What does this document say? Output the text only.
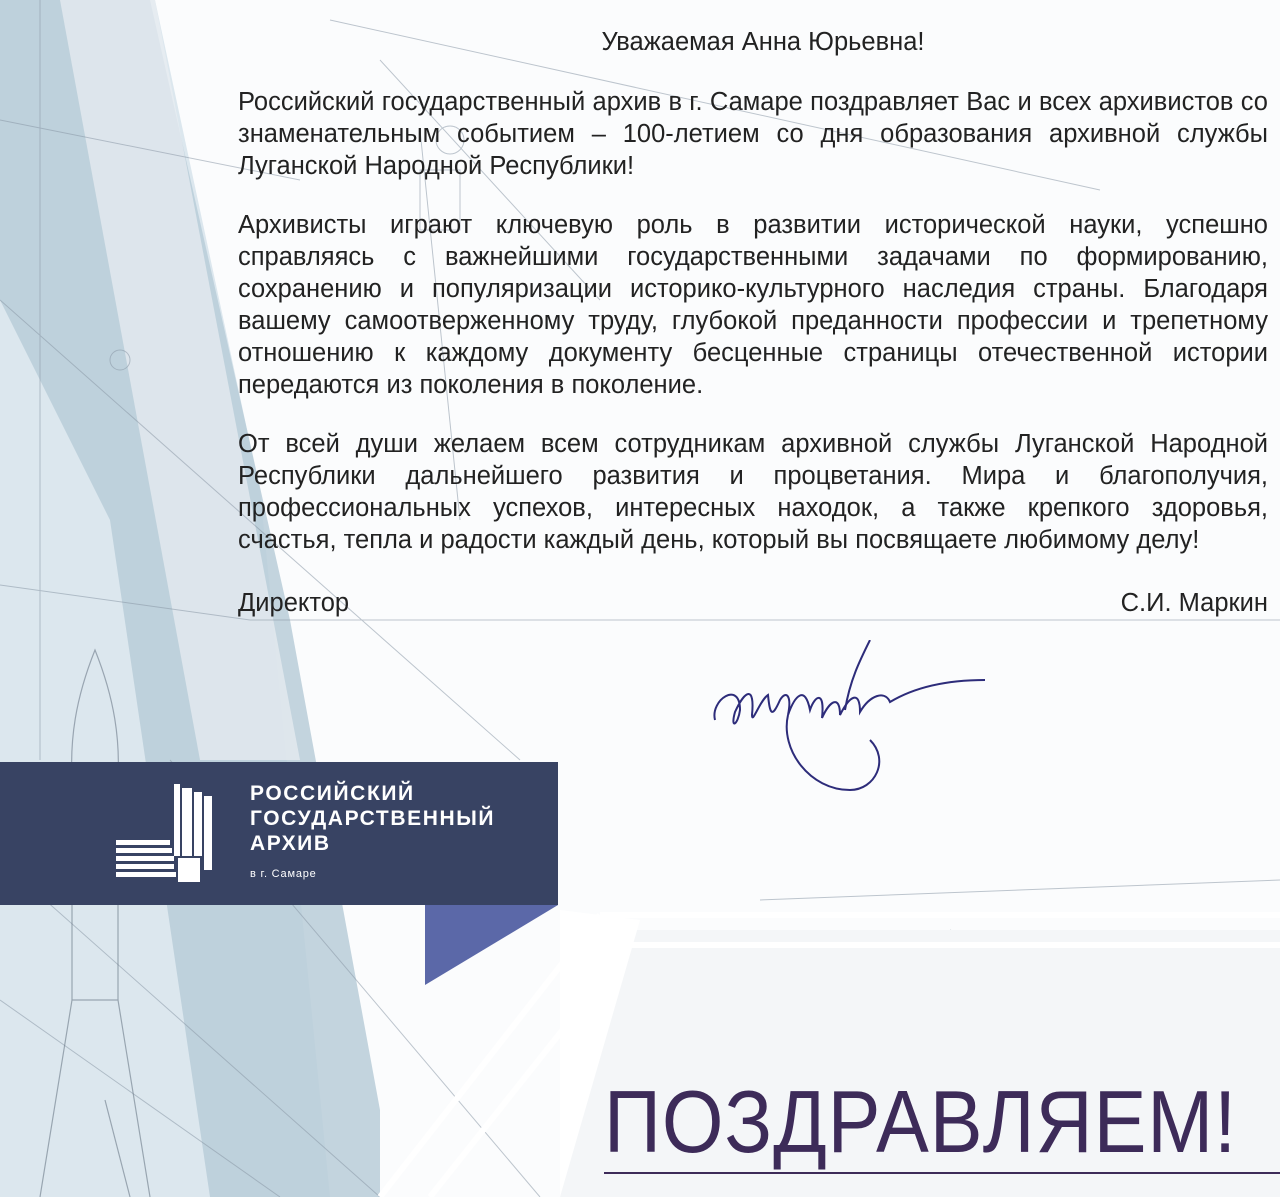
Уважаемая Анна Юрьевна!
Российский государственный архив в г. Самаре поздравляет Вас и всех архивистов со знаменательным событием – 100-летием со дня образования архивной службы Луганской Народной Республики!
Архивисты играют ключевую роль в развитии исторической науки, успешно справляясь с важнейшими государственными задачами по формированию, сохранению и популяризации историко-культурного наследия страны. Благодаря вашему самоотверженному труду, глубокой преданности профессии и трепетному отношению к каждому документу бесценные страницы отечественной истории передаются из поколения в поколение.
От всей души желаем всем сотрудникам архивной службы Луганской Народной Республики дальнейшего развития и процветания. Мира и благополучия, профессиональных успехов, интересных находок, а также крепкого здоровья, счастья, тепла и радости каждый день, который вы посвящаете любимому делу!
Директор	С.И. Маркин
РОССИЙСКИЙ
ГОСУДАРСТВЕННЫЙ
АРХИВ
в г. Самаре
ПОЗДРАВЛЯЕМ!
